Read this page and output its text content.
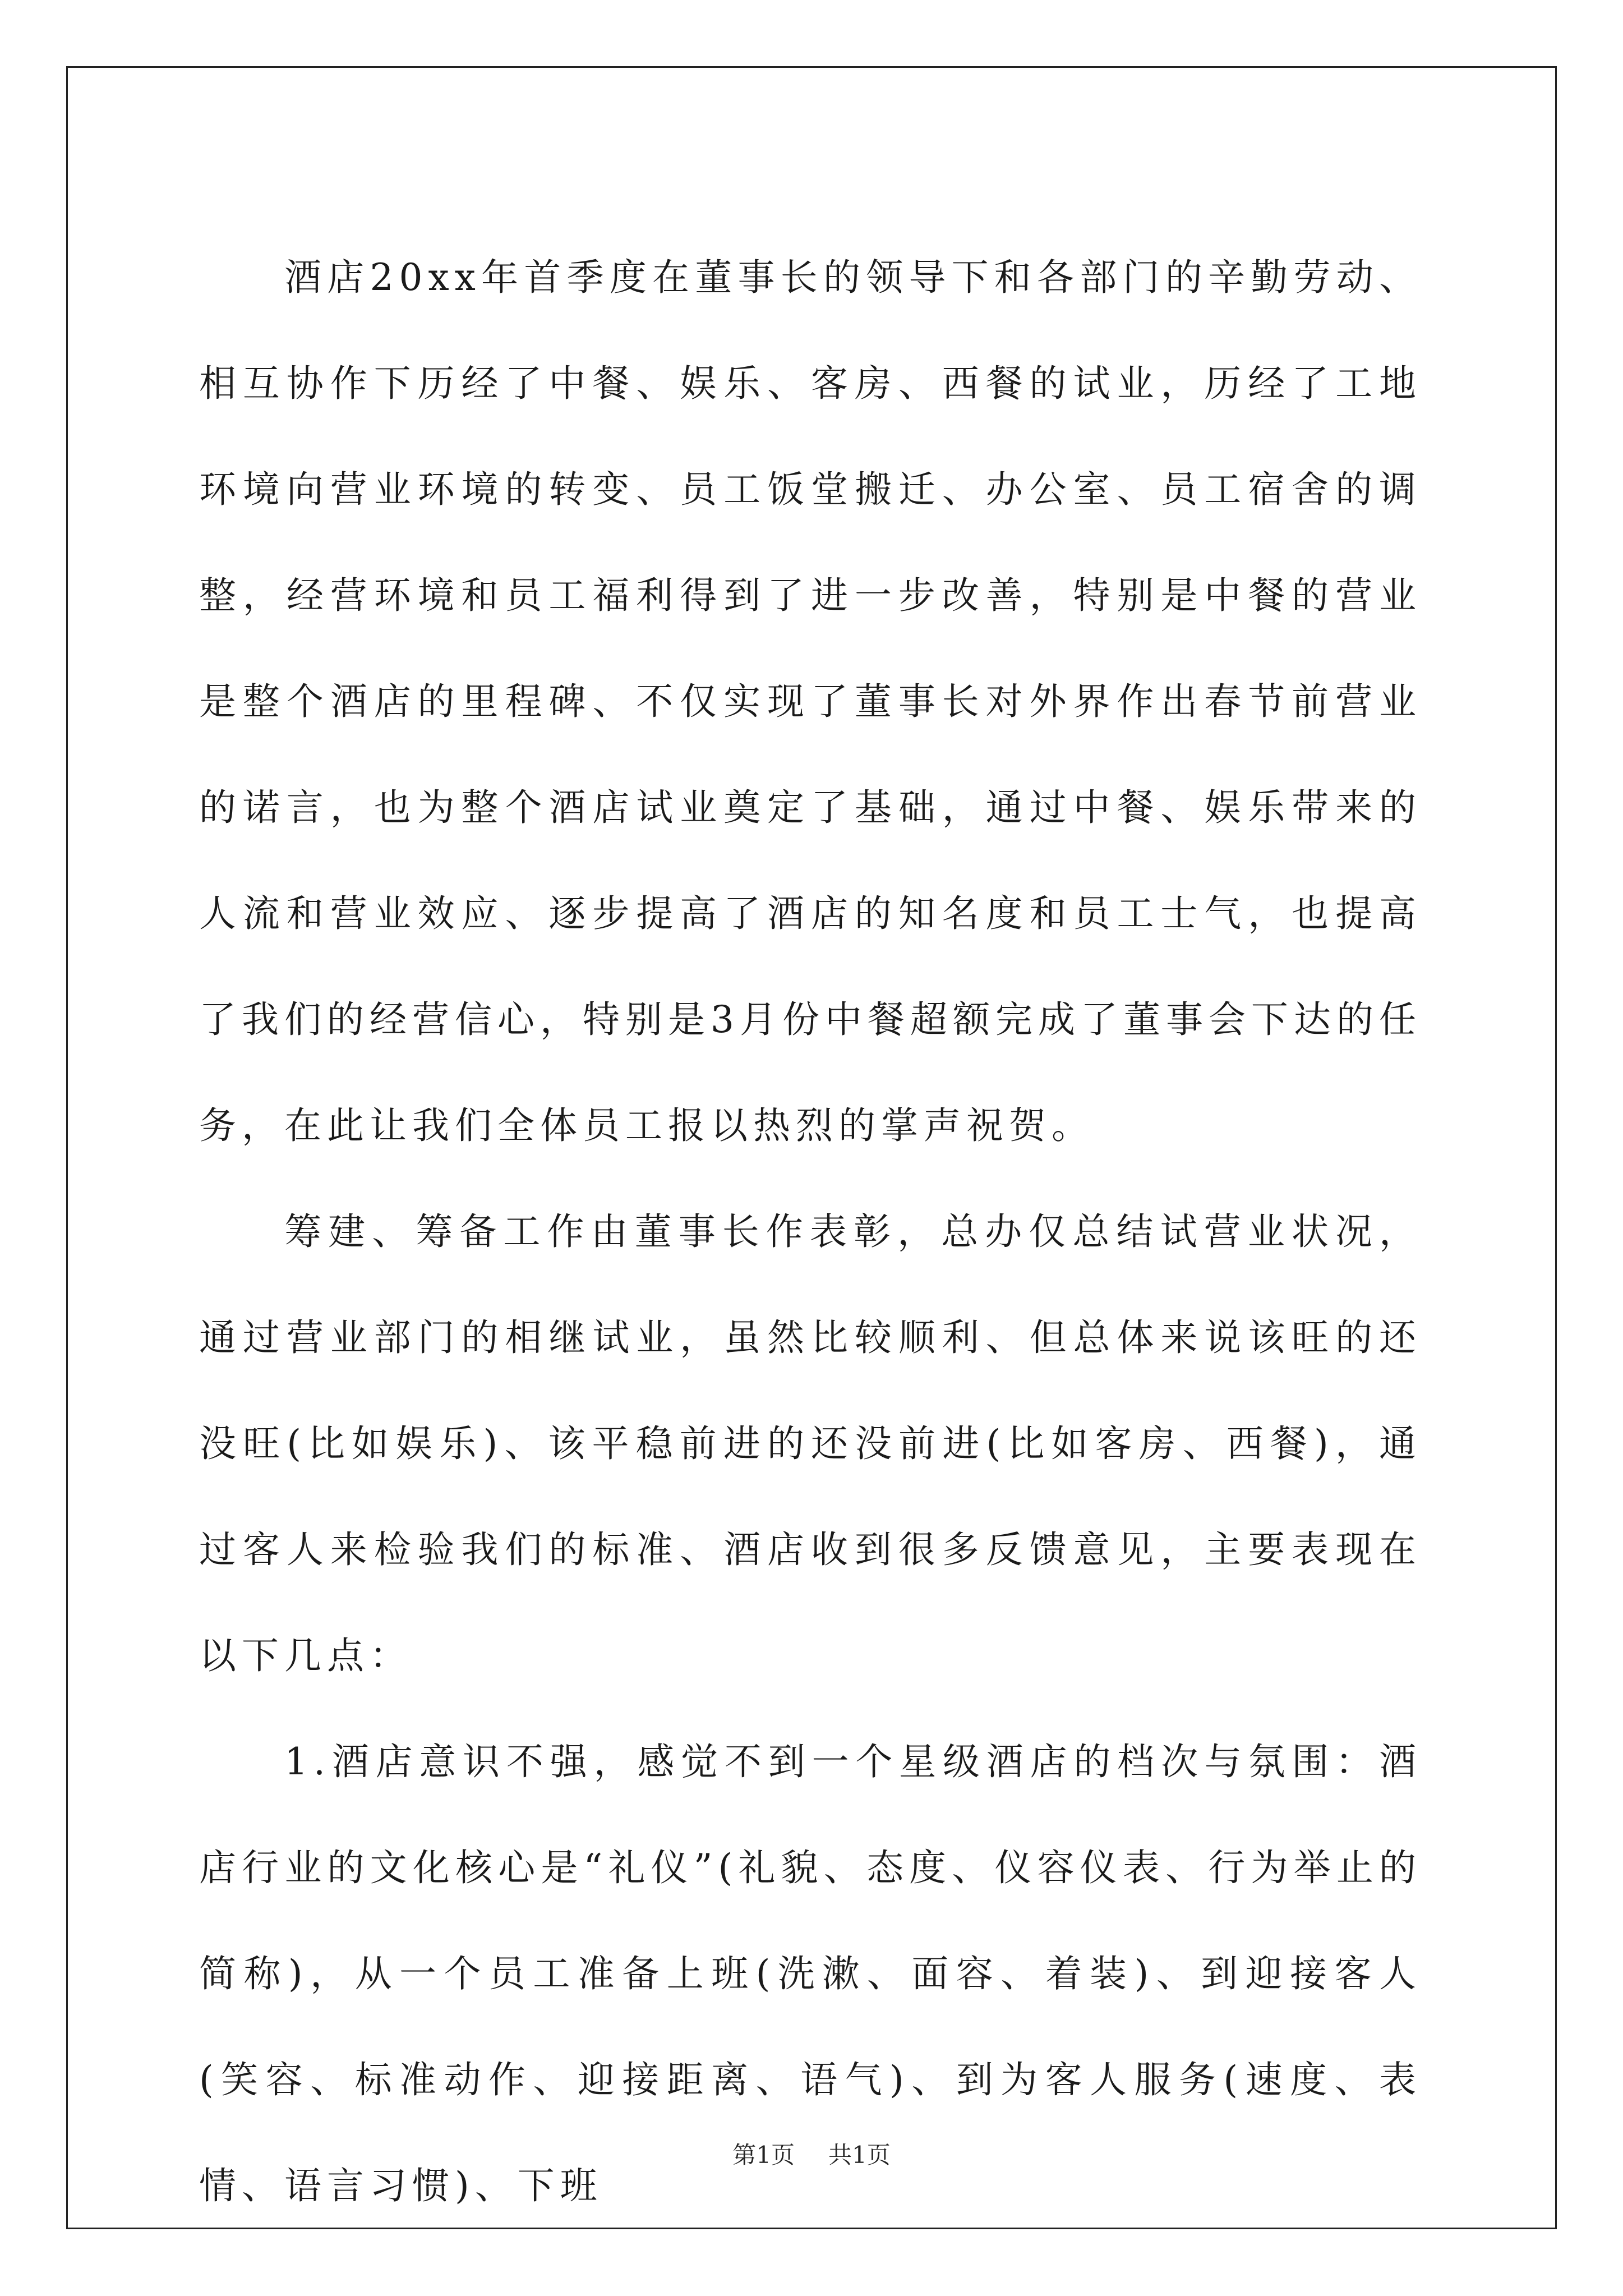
酒店20xx年首季度在董事长的领导下和各部门的辛勤劳动、相互协作下历经了中餐、娱乐、客房、西餐的试业，历经了工地环境向营业环境的转变、员工饭堂搬迁、办公室、员工宿舍的调整，经营环境和员工福利得到了进一步改善，特别是中餐的营业是整个酒店的里程碑、不仅实现了董事长对外界作出春节前营业的诺言，也为整个酒店试业奠定了基础，通过中餐、娱乐带来的人流和营业效应、逐步提高了酒店的知名度和员工士气，也提高了我们的经营信心，特别是3月份中餐超额完成了董事会下达的任务，在此让我们全体员工报以热烈的掌声祝贺。

筹建、筹备工作由董事长作表彰，总办仅总结试营业状况，通过营业部门的相继试业，虽然比较顺利、但总体来说该旺的还没旺(比如娱乐)、该平稳前进的还没前进(比如客房、西餐)，通过客人来检验我们的标准、酒店收到很多反馈意见，主要表现在以下几点：

1.酒店意识不强，感觉不到一个星级酒店的档次与氛围：酒店行业的文化核心是“礼仪”(礼貌、态度、仪容仪表、行为举止的简称)，从一个员工准备上班(洗漱、面容、着装)、到迎接客人(笑容、标准动作、迎接距离、语气)、到为客人服务(速度、表情、语言习惯)、下班

第1页 共1页
